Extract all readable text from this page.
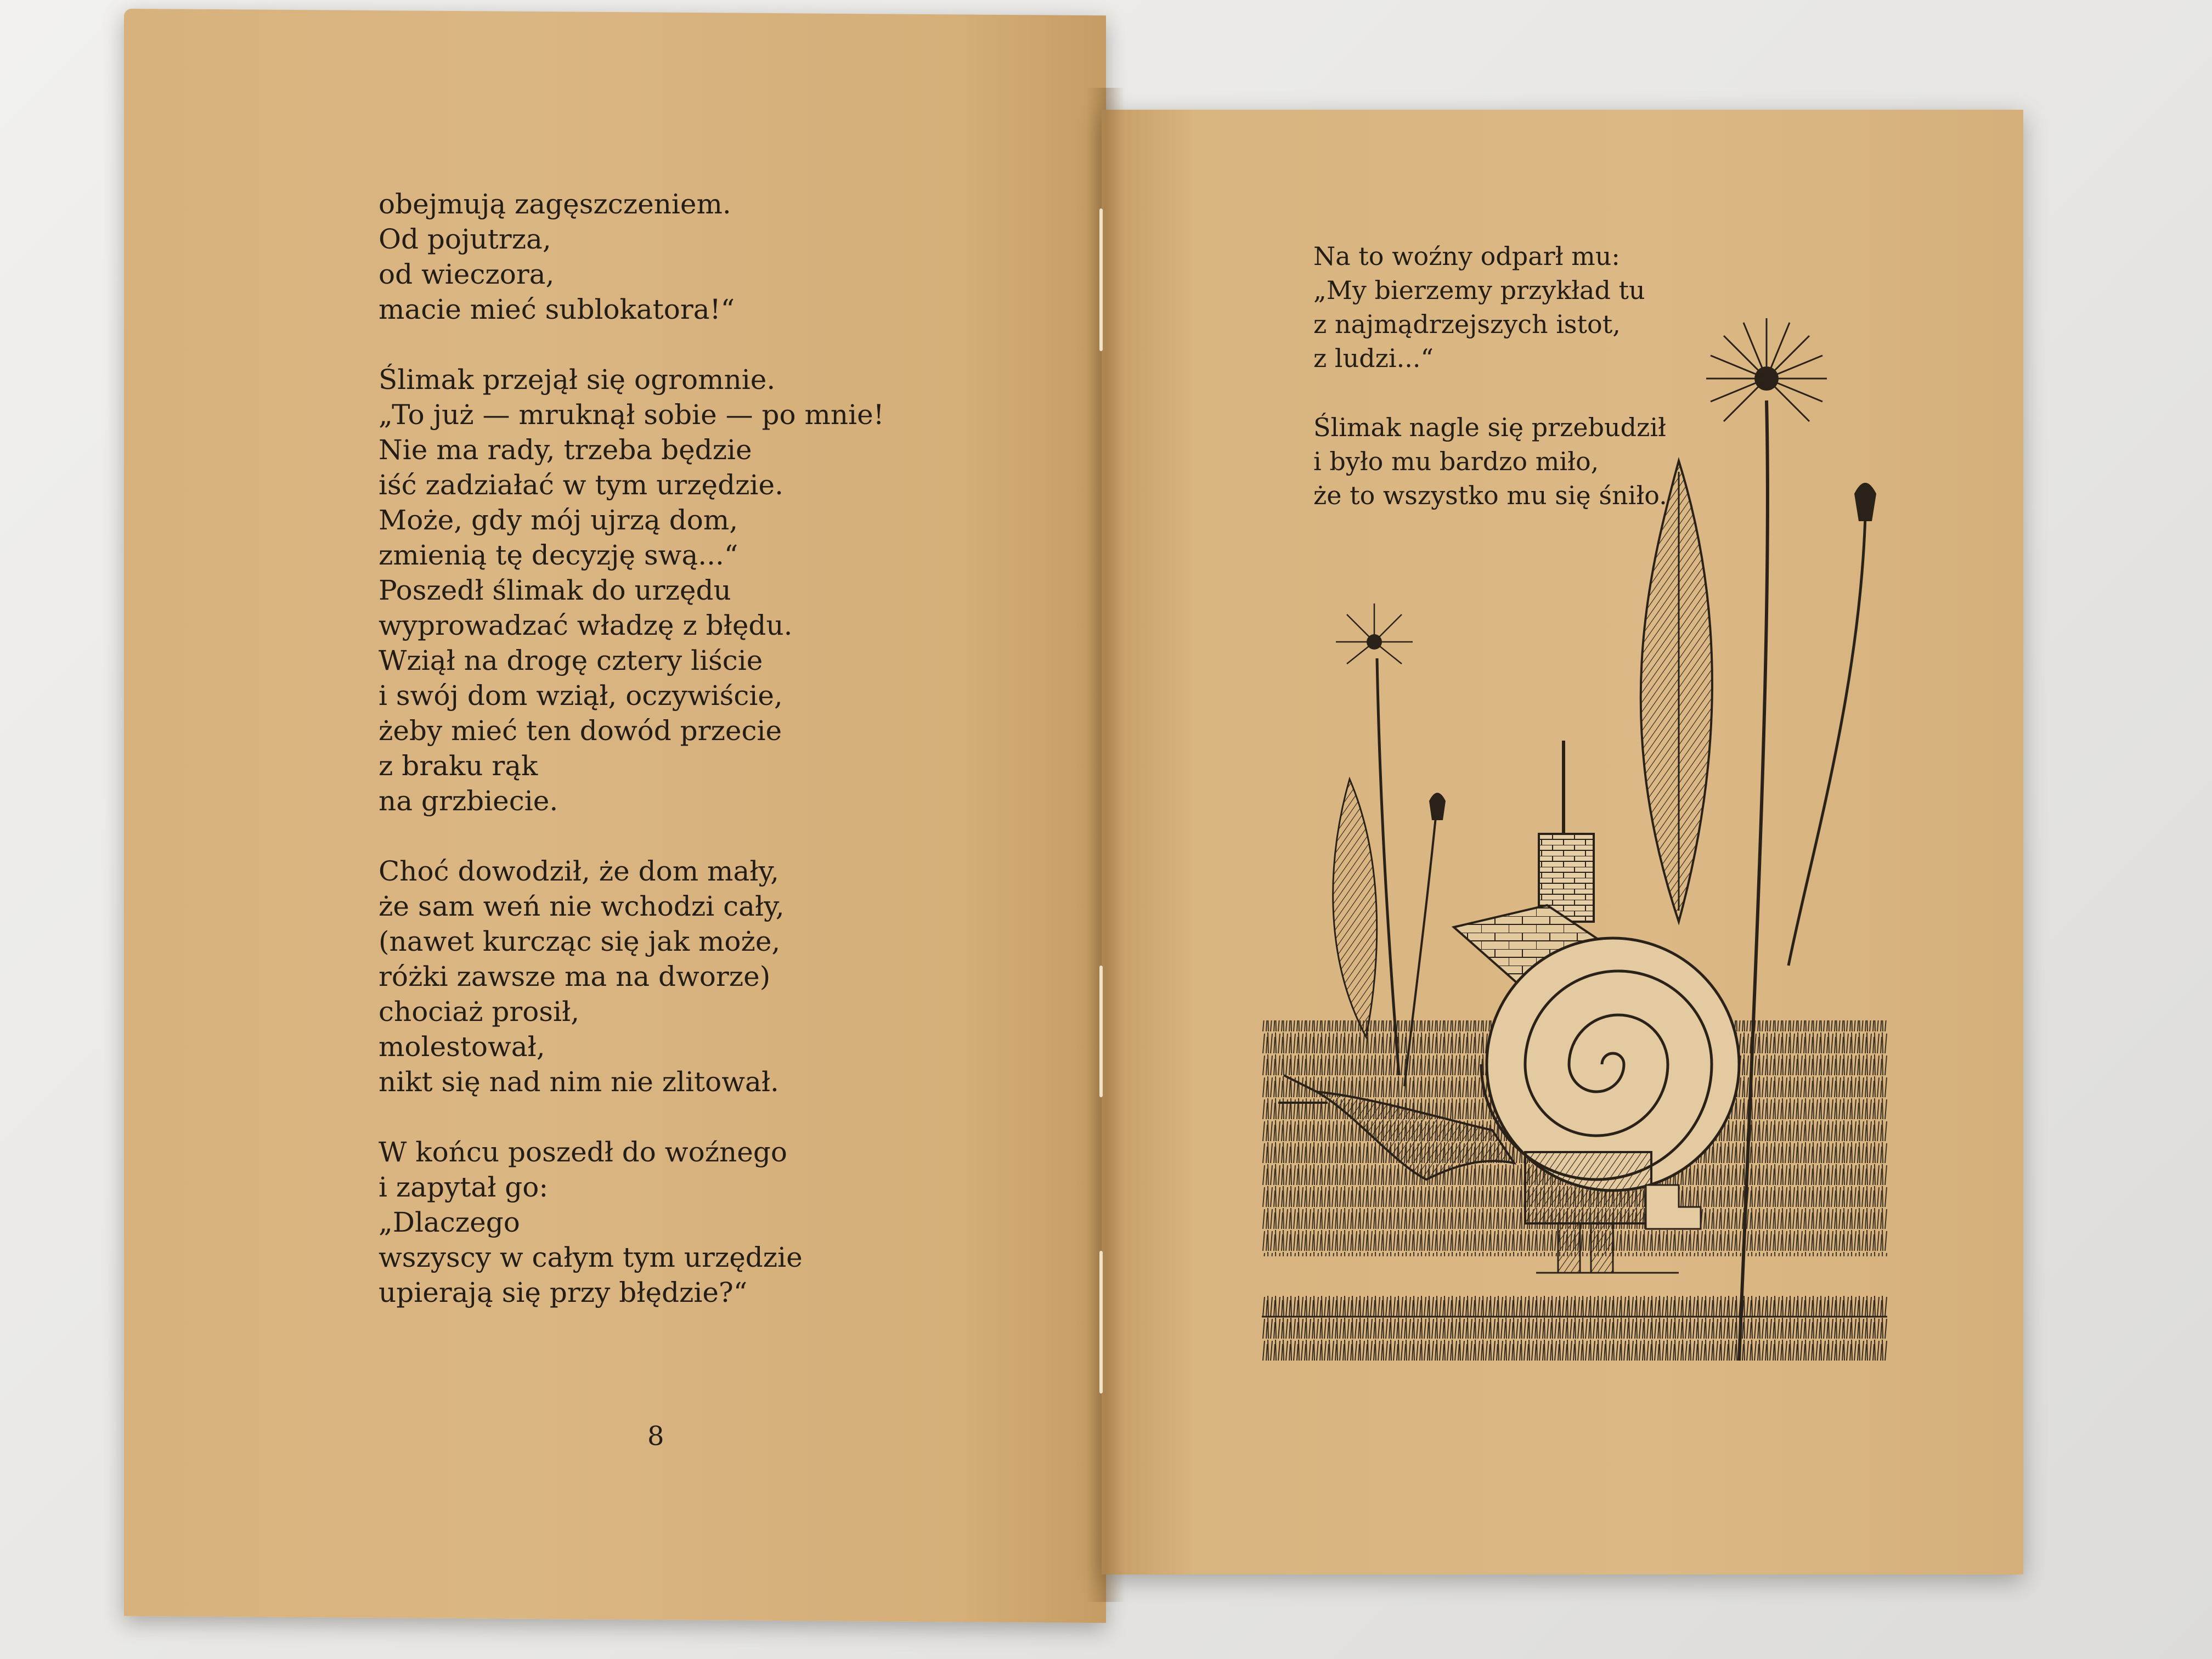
obejmują zagęszczeniem.
Od pojutrza,
od wieczora,
macie mieć sublokatora!“
Ślimak przejął się ogromnie.
„To już — mruknął sobie — po mnie!
Nie ma rady, trzeba będzie
iść zadziałać w tym urzędzie.
Może, gdy mój ujrzą dom,
zmienią tę decyzję swą...“
Poszedł ślimak do urzędu
wyprowadzać władzę z błędu.
Wziął na drogę cztery liście
i swój dom wziął, oczywiście,
żeby mieć ten dowód przecie
z braku rąk
na grzbiecie.
Choć dowodził, że dom mały,
że sam weń nie wchodzi cały,
(nawet kurcząc się jak może,
różki zawsze ma na dworze)
chociaż prosił,
molestował,
nikt się nad nim nie zlitował.
W końcu poszedł do woźnego
i zapytał go:
„Dlaczego
wszyscy w całym tym urzędzie
upierają się przy błędzie?“
8
Na to woźny odparł mu:
„My bierzemy przykład tu
z najmądrzejszych istot,
z ludzi...“
Ślimak nagle się przebudził
i było mu bardzo miło,
że to wszystko mu się śniło.
